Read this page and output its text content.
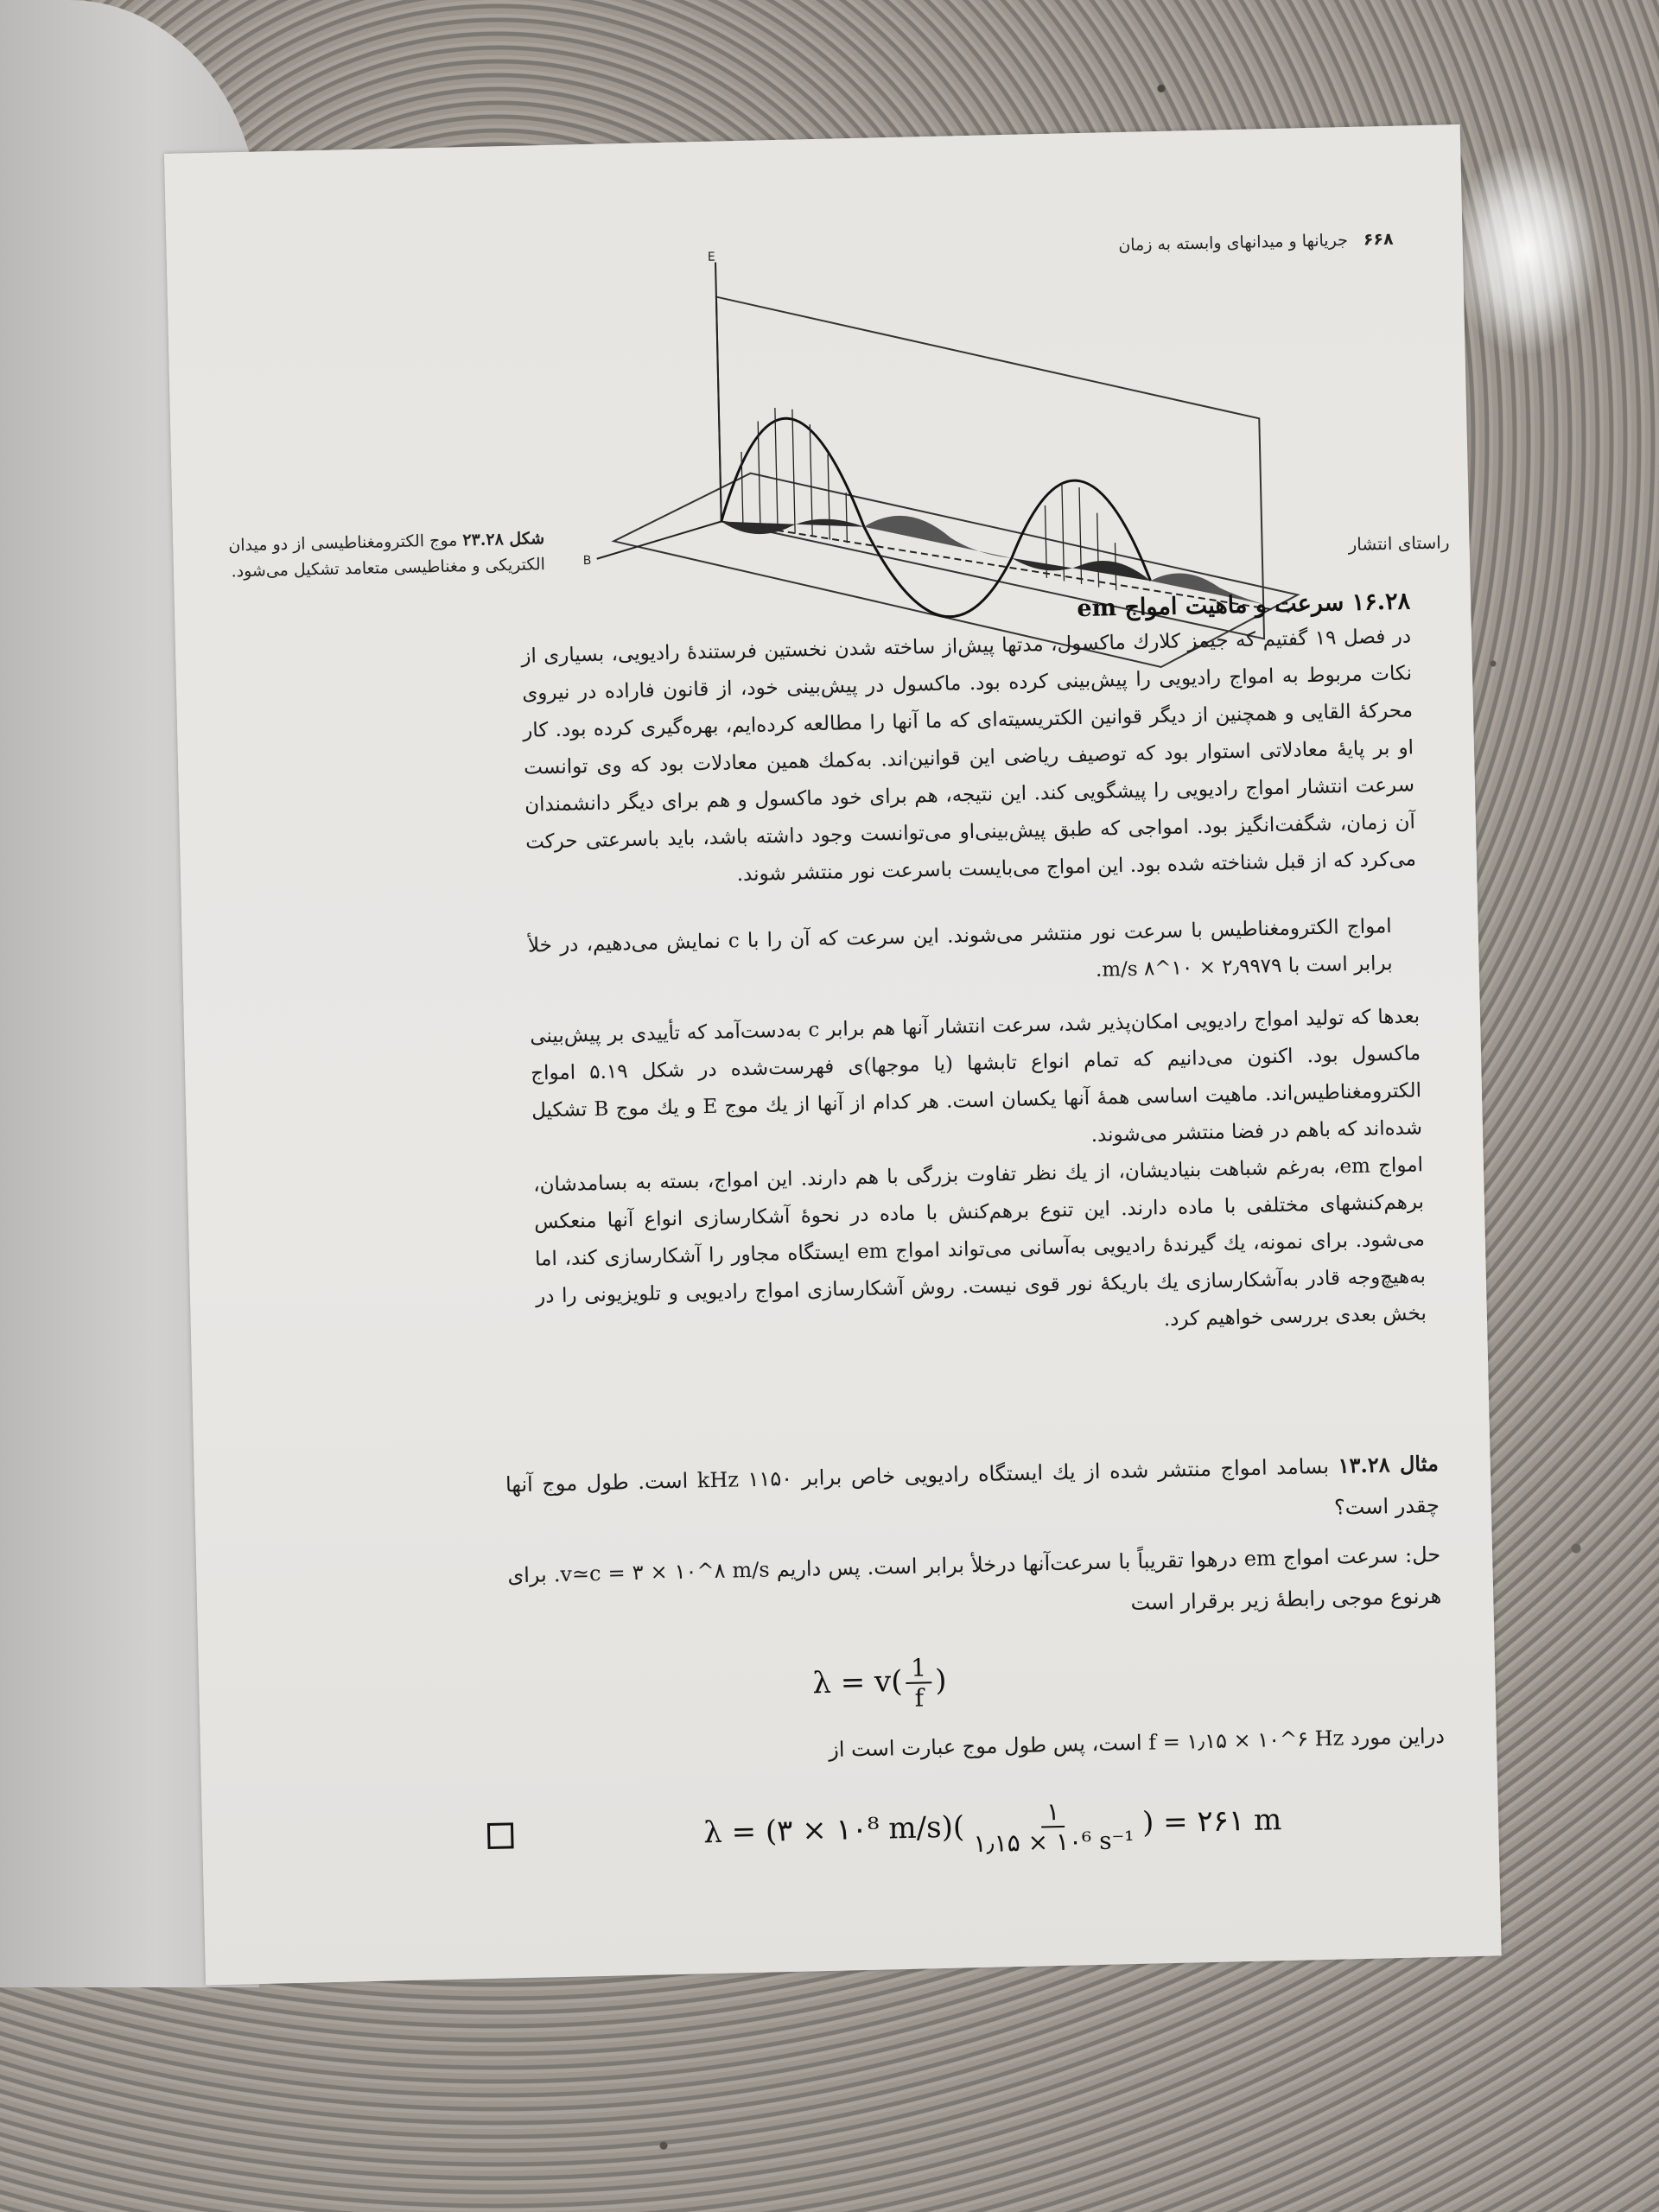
۶۶۸
جریانها و میدانهای وابسته به زمان
E
B
راستای انتشار
شکل ۲۳.۲۸ موج الکترومغناطیسی از دو میدان الکتریکی و مغناطیسی متعامد تشکیل می‌شود.
۱۶.۲۸ سرعت و ماهیت امواج em
در فصل ۱۹ گفتیم که جیمز کلارك ماکسول، مدتها پیش‌از ساخته شدن نخستین فرستندهٔ رادیویی، بسیاری از نکات مربوط به امواج رادیویی را پیش‌بینی کرده بود. ماکسول در پیش‌بینی خود، از قانون فاراده در نیروی محرکهٔ القایی و همچنین از دیگر قوانین الکتریسیته‌ای که ما آنها را مطالعه کرده‌ایم، بهره‌گیری کرده بود. کار او بر پایهٔ معادلاتی استوار بود که توصیف ریاضی این قوانین‌اند. به‌کمك همین معادلات بود که وی توانست سرعت انتشار امواج رادیویی را پیشگویی کند. این نتیجه، هم برای خود ماکسول و هم برای دیگر دانشمندان آن زمان، شگفت‌انگیز بود. امواجی که طبق پیش‌بینی‌او می‌توانست وجود داشته باشد، باید باسرعتی حرکت می‌کرد که از قبل شناخته شده بود. این امواج می‌بایست باسرعت نور منتشر شوند.
امواج الکترومغناطیس با سرعت نور منتشر می‌شوند. این سرعت که آن را با c نمایش می‌دهیم، در خلأ برابر است با ۲٫۹۹۷۹ × ۱۰^۸ m/s.

بعدها که تولید امواج رادیویی امکان‌پذیر شد، سرعت انتشار آنها هم برابر c به‌دست‌آمد که تأییدی بر پیش‌بینی ماکسول بود. اکنون می‌دانیم که تمام انواع تابشها (یا موجها)ی فهرست‌شده در شکل ۵.۱۹ امواج الکترومغناطیس‌اند. ماهیت اساسی همهٔ آنها یکسان است. هر کدام از آنها از یك موج E و یك موج B تشکیل شده‌اند که باهم در فضا منتشر می‌شوند.

امواج em، به‌رغم شباهت بنیادیشان، از یك نظر تفاوت بزرگی با هم دارند. این امواج، بسته به بسامدشان، برهم‌کنشهای مختلفی با ماده دارند. این تنوع برهم‌کنش با ماده در نحوهٔ آشکارسازی انواع آنها منعکس می‌شود. برای نمونه، یك گیرندهٔ رادیویی به‌آسانی می‌تواند امواج em ایستگاه مجاور را آشکارسازی کند، اما به‌هیچ‌وجه قادر به‌آشکارسازی یك باریکهٔ نور قوی نیست. روش آشکارسازی امواج رادیویی و تلویزیونی را در بخش بعدی بررسی خواهیم کرد.

مثال ۱۳.۲۸ بسامد امواج منتشر شده از یك ایستگاه رادیویی خاص برابر ۱۱۵۰ kHz است. طول موج آنها چقدر است؟
حل: سرعت امواج em درهوا تقریباً با سرعت‌آنها درخلأ برابر است. پس داریم v≃c = ۳ × ۱۰^۸ m/s. برای هرنوع موجی رابطهٔ زیر برقرار است
$\lambda = v( \frac{1}{f}$ )
دراین مورد f = ۱٫۱۵ × ۱۰^۶ Hz است، پس طول موج عبارت است از
λ = (۳ × ۱۰⁸ $m/s)( \frac{۱}{\text{۱٫۱۵ × ۱۰⁶ s⁻¹}}$ ) = ۲۶۱ m
